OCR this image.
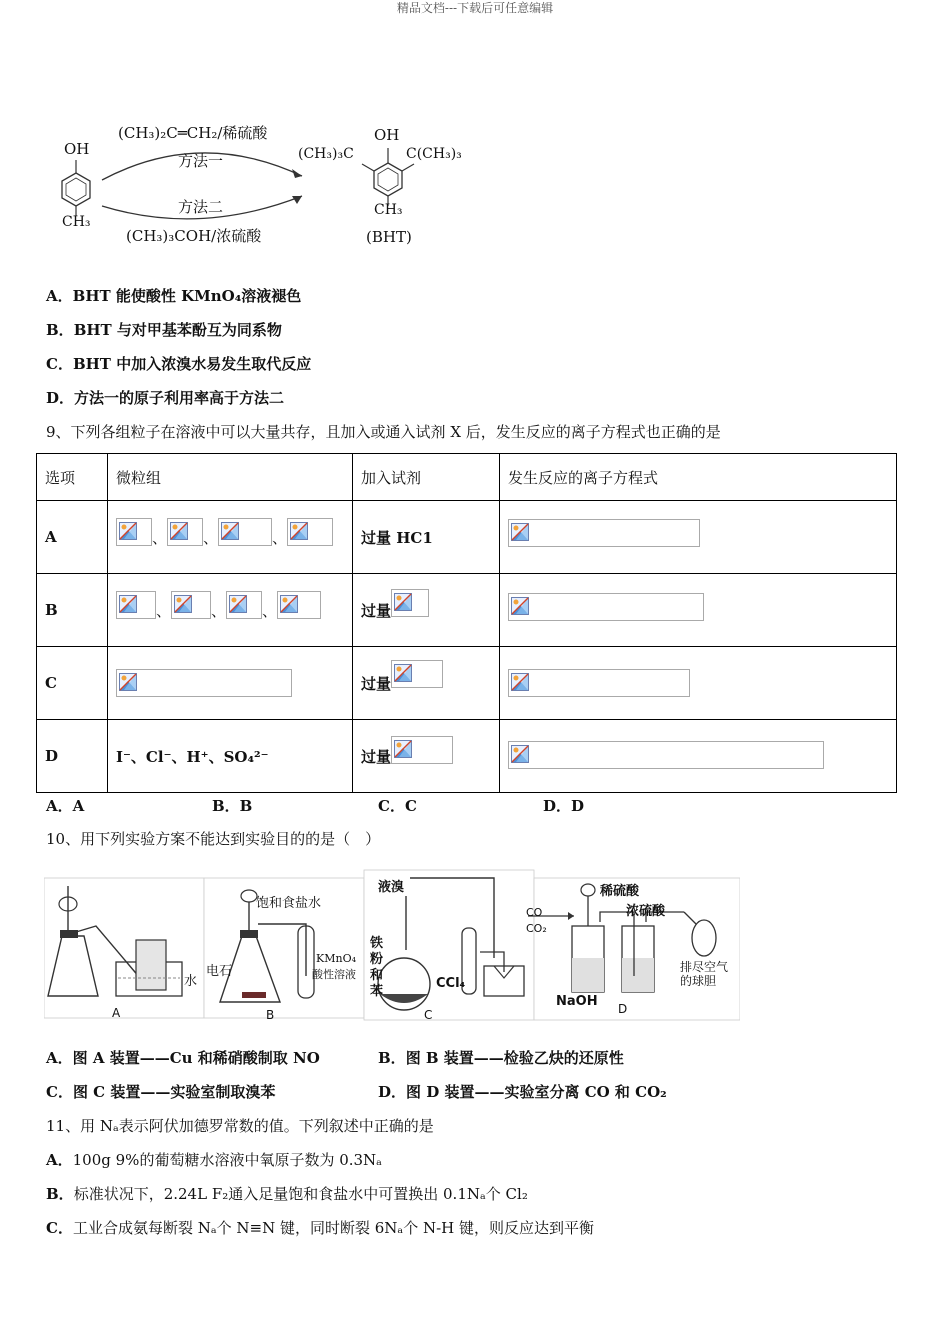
精品文档---下载后可任意编辑
OH
CH₃
(CH₃)₂C═CH₂/稀硫酸
方法一
方法二
(CH₃)₃COH/浓硫酸
OH
(CH₃)₃C	C(CH₃)₃
CH₃
(BHT)
A．BHT 能使酸性 KMnO₄溶液褪色
B．BHT 与对甲基苯酚互为同系物
C．BHT 中加入浓溴水易发生取代反应
D．方法一的原子利用率高于方法二
9、下列各组粒子在溶液中可以大量共存，且加入或通入试剂 X 后，发生反应的离子方程式也正确的是
选项	微粒组	加入试剂	发生反应的离子方程式
A	、 、 、	过量 HC1	

B	、 、 、	过量

C		过量

D	I⁻、Cl⁻、H⁺、SO₄²⁻	过量

A．A	B．B	C．C	D．D
10、用下列实验方案不能达到实验目的的是（　）
A
水
B
饱和食盐水
电石
KMnO₄
酸性溶液
C
液溴
铁
粉
和
苯
CCl₄
D
稀硫酸
浓硫酸
CO
CO₂
NaOH
排尽空气
的球胆
A．图 A 装置——Cu 和稀硝酸制取 NO	B．图 B 装置——检验乙炔的还原性
C．图 C 装置——实验室制取溴苯	D．图 D 装置——实验室分离 CO 和 CO₂
11、用 Nₐ表示阿伏加德罗常数的值。下列叙述中正确的是
A．100g 9%的葡萄糖水溶液中氧原子数为 0.3Nₐ
B．标准状况下，2.24L F₂通入足量饱和食盐水中可置换出 0.1Nₐ个 Cl₂
C．工业合成氨每断裂 Nₐ个 N≡N 键，同时断裂 6Nₐ个 N-H 键，则反应达到平衡
